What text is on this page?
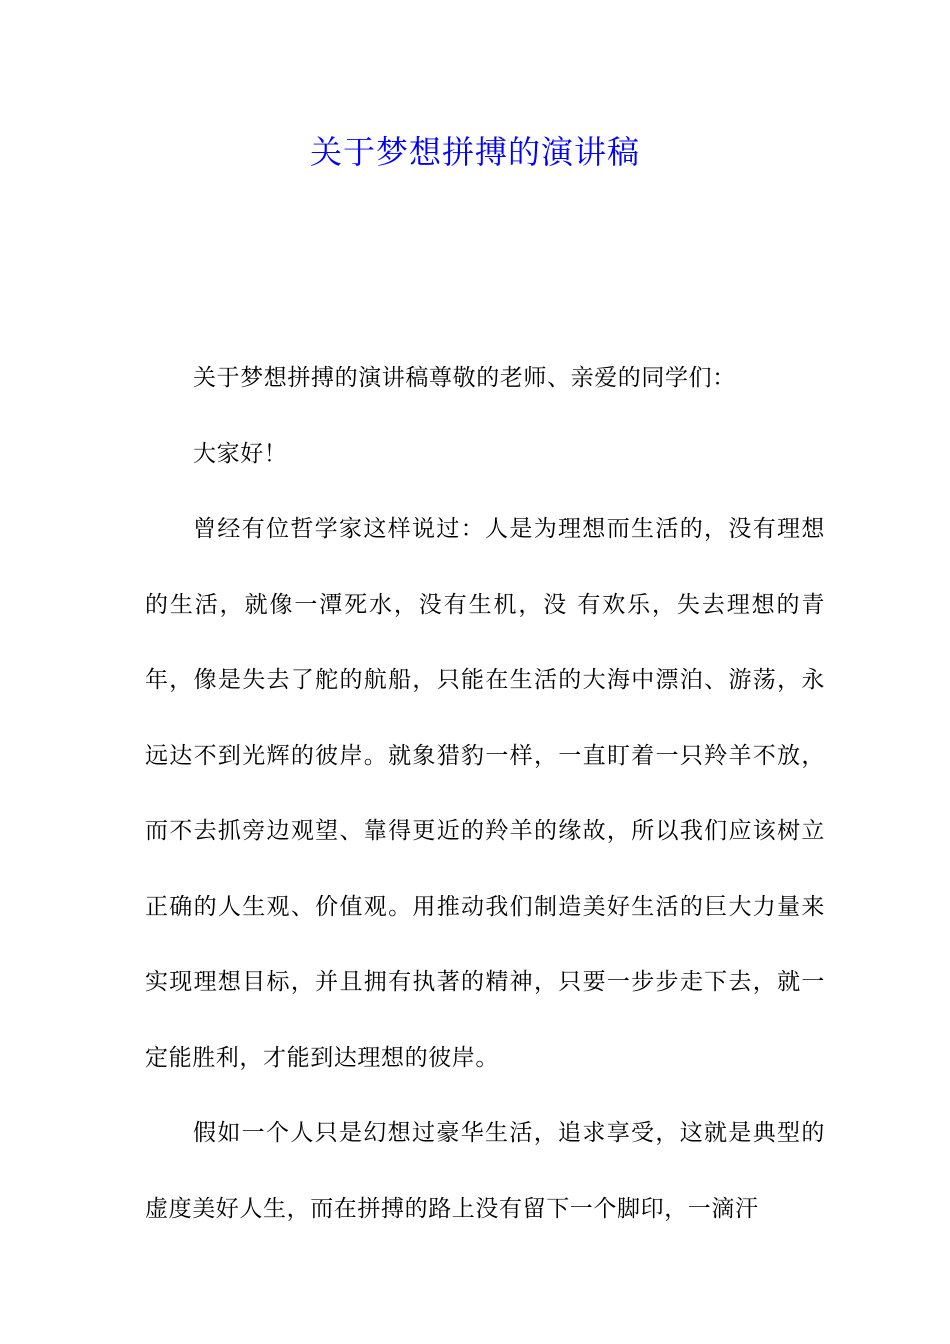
关于梦想拼搏的演讲稿

关于梦想拼搏的演讲稿尊敬的老师、亲爱的同学们：

大家好！

曾经有位哲学家这样说过：人是为理想而生活的，没有理想的生活，就像一潭死水，没有生机，没 有欢乐，失去理想的青年，像是失去了舵的航船，只能在生活的大海中漂泊、游荡，永远达不到光辉的彼岸。就象猎豹一样，一直盯着一只羚羊不放，而不去抓旁边观望、靠得更近的羚羊的缘故，所以我们应该树立正确的人生观、价值观。用推动我们制造美好生活的巨大力量来实现理想目标，并且拥有执著的精神，只要一步步走下去，就一定能胜利，才能到达理想的彼岸。

假如一个人只是幻想过豪华生活，追求享受，这就是典型的虚度美好人生，而在拼搏的路上没有留下一个脚印，一滴汗
